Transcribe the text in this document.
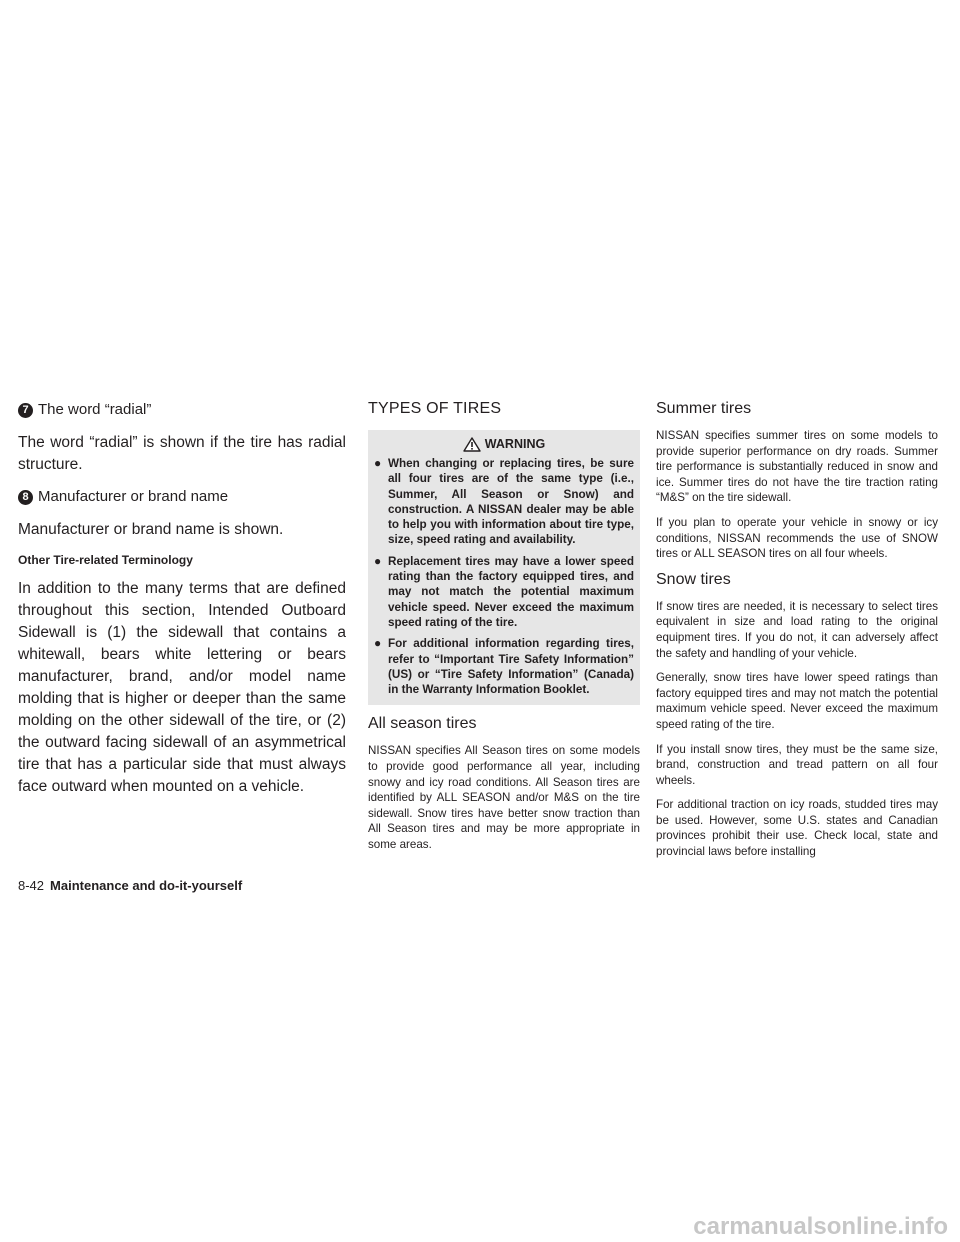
7 The word “radial”

The word “radial” is shown if the tire has radial structure.

8 Manufacturer or brand name

Manufacturer or brand name is shown.

Other Tire-related Terminology

In addition to the many terms that are defined throughout this section, Intended Outboard Sidewall is (1) the sidewall that contains a whitewall, bears white lettering or bears manufacturer, brand, and/or model name molding that is higher or deeper than the same molding on the other sidewall of the tire, or (2) the outward facing sidewall of an asymmetrical tire that has a particular side that must always face outward when mounted on a vehicle.

TYPES OF TIRES
WARNING
● When changing or replacing tires, be sure all four tires are of the same type (i.e., Summer, All Season or Snow) and construction. A NISSAN dealer may be able to help you with information about tire type, size, speed rating and availability.
● Replacement tires may have a lower speed rating than the factory equipped tires, and may not match the potential maximum vehicle speed. Never exceed the maximum speed rating of the tire.
● For additional information regarding tires, refer to “Important Tire Safety Information” (US) or “Tire Safety Information” (Canada) in the Warranty Information Booklet.
All season tires

NISSAN specifies All Season tires on some models to provide good performance all year, including snowy and icy road conditions. All Season tires are identified by ALL SEASON and/or M&S on the tire sidewall. Snow tires have better snow traction than All Season tires and may be more appropriate in some areas.

Summer tires

NISSAN specifies summer tires on some models to provide superior performance on dry roads. Summer tire performance is substantially reduced in snow and ice. Summer tires do not have the tire traction rating “M&S” on the tire sidewall.

If you plan to operate your vehicle in snowy or icy conditions, NISSAN recommends the use of SNOW tires or ALL SEASON tires on all four wheels.

Snow tires

If snow tires are needed, it is necessary to select tires equivalent in size and load rating to the original equipment tires. If you do not, it can adversely affect the safety and handling of your vehicle.

Generally, snow tires have lower speed ratings than factory equipped tires and may not match the potential maximum vehicle speed. Never exceed the maximum speed rating of the tire.

If you install snow tires, they must be the same size, brand, construction and tread pattern on all four wheels.

For additional traction on icy roads, studded tires may be used. However, some U.S. states and Canadian provinces prohibit their use. Check local, state and provincial laws before installing

8-42 Maintenance and do-it-yourself
carmanualsonline.info
